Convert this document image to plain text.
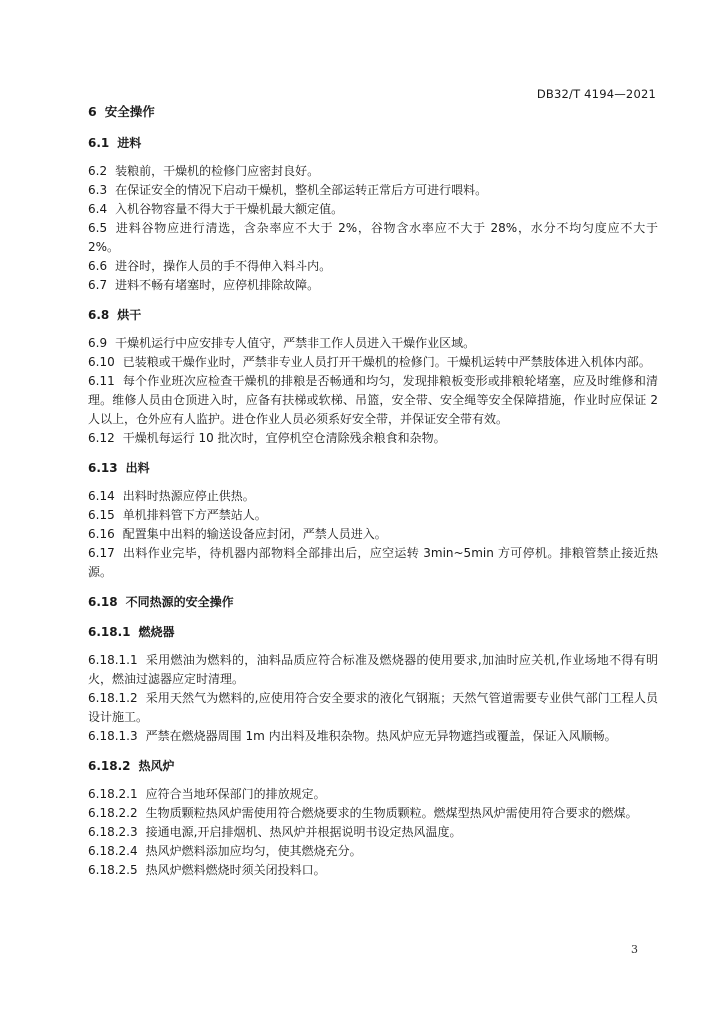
DB32/T 4194—2021
6 安全操作
6.1 进料
6.2 装粮前，干燥机的检修门应密封良好。
6.3 在保证安全的情况下启动干燥机，整机全部运转正常后方可进行喂料。
6.4 入机谷物容量不得大于干燥机最大额定值。
6.5 进料谷物应进行清选，含杂率应不大于 2%，谷物含水率应不大于 28%，水分不均匀度应不大于 2%。
6.6 进谷时，操作人员的手不得伸入料斗内。
6.7 进料不畅有堵塞时，应停机排除故障。
6.8 烘干
6.9 干燥机运行中应安排专人值守，严禁非工作人员进入干燥作业区域。
6.10 已装粮或干燥作业时，严禁非专业人员打开干燥机的检修门。干燥机运转中严禁肢体进入机体内部。
6.11 每个作业班次应检查干燥机的排粮是否畅通和均匀，发现排粮板变形或排粮轮堵塞，应及时维修和清理。维修人员由仓顶进入时，应备有扶梯或软梯、吊篮，安全带、安全绳等安全保障措施，作业时应保证 2 人以上，仓外应有人监护。进仓作业人员必须系好安全带，并保证安全带有效。
6.12 干燥机每运行 10 批次时，宜停机空仓清除残余粮食和杂物。
6.13 出料
6.14 出料时热源应停止供热。
6.15 单机排料管下方严禁站人。
6.16 配置集中出料的输送设备应封闭，严禁人员进入。
6.17 出料作业完毕，待机器内部物料全部排出后，应空运转 3min~5min 方可停机。排粮管禁止接近热源。
6.18 不同热源的安全操作
6.18.1 燃烧器
6.18.1.1 采用燃油为燃料的，油料品质应符合标准及燃烧器的使用要求,加油时应关机,作业场地不得有明火，燃油过滤器应定时清理。
6.18.1.2 采用天然气为燃料的,应使用符合安全要求的液化气钢瓶；天然气管道需要专业供气部门工程人员设计施工。
6.18.1.3 严禁在燃烧器周围 1m 内出料及堆积杂物。热风炉应无异物遮挡或覆盖，保证入风顺畅。
6.18.2 热风炉
6.18.2.1 应符合当地环保部门的排放规定。
6.18.2.2 生物质颗粒热风炉需使用符合燃烧要求的生物质颗粒。燃煤型热风炉需使用符合要求的燃煤。
6.18.2.3 接通电源,开启排烟机、热风炉并根据说明书设定热风温度。
6.18.2.4 热风炉燃料添加应均匀，使其燃烧充分。
6.18.2.5 热风炉燃料燃烧时须关闭投料口。
3
